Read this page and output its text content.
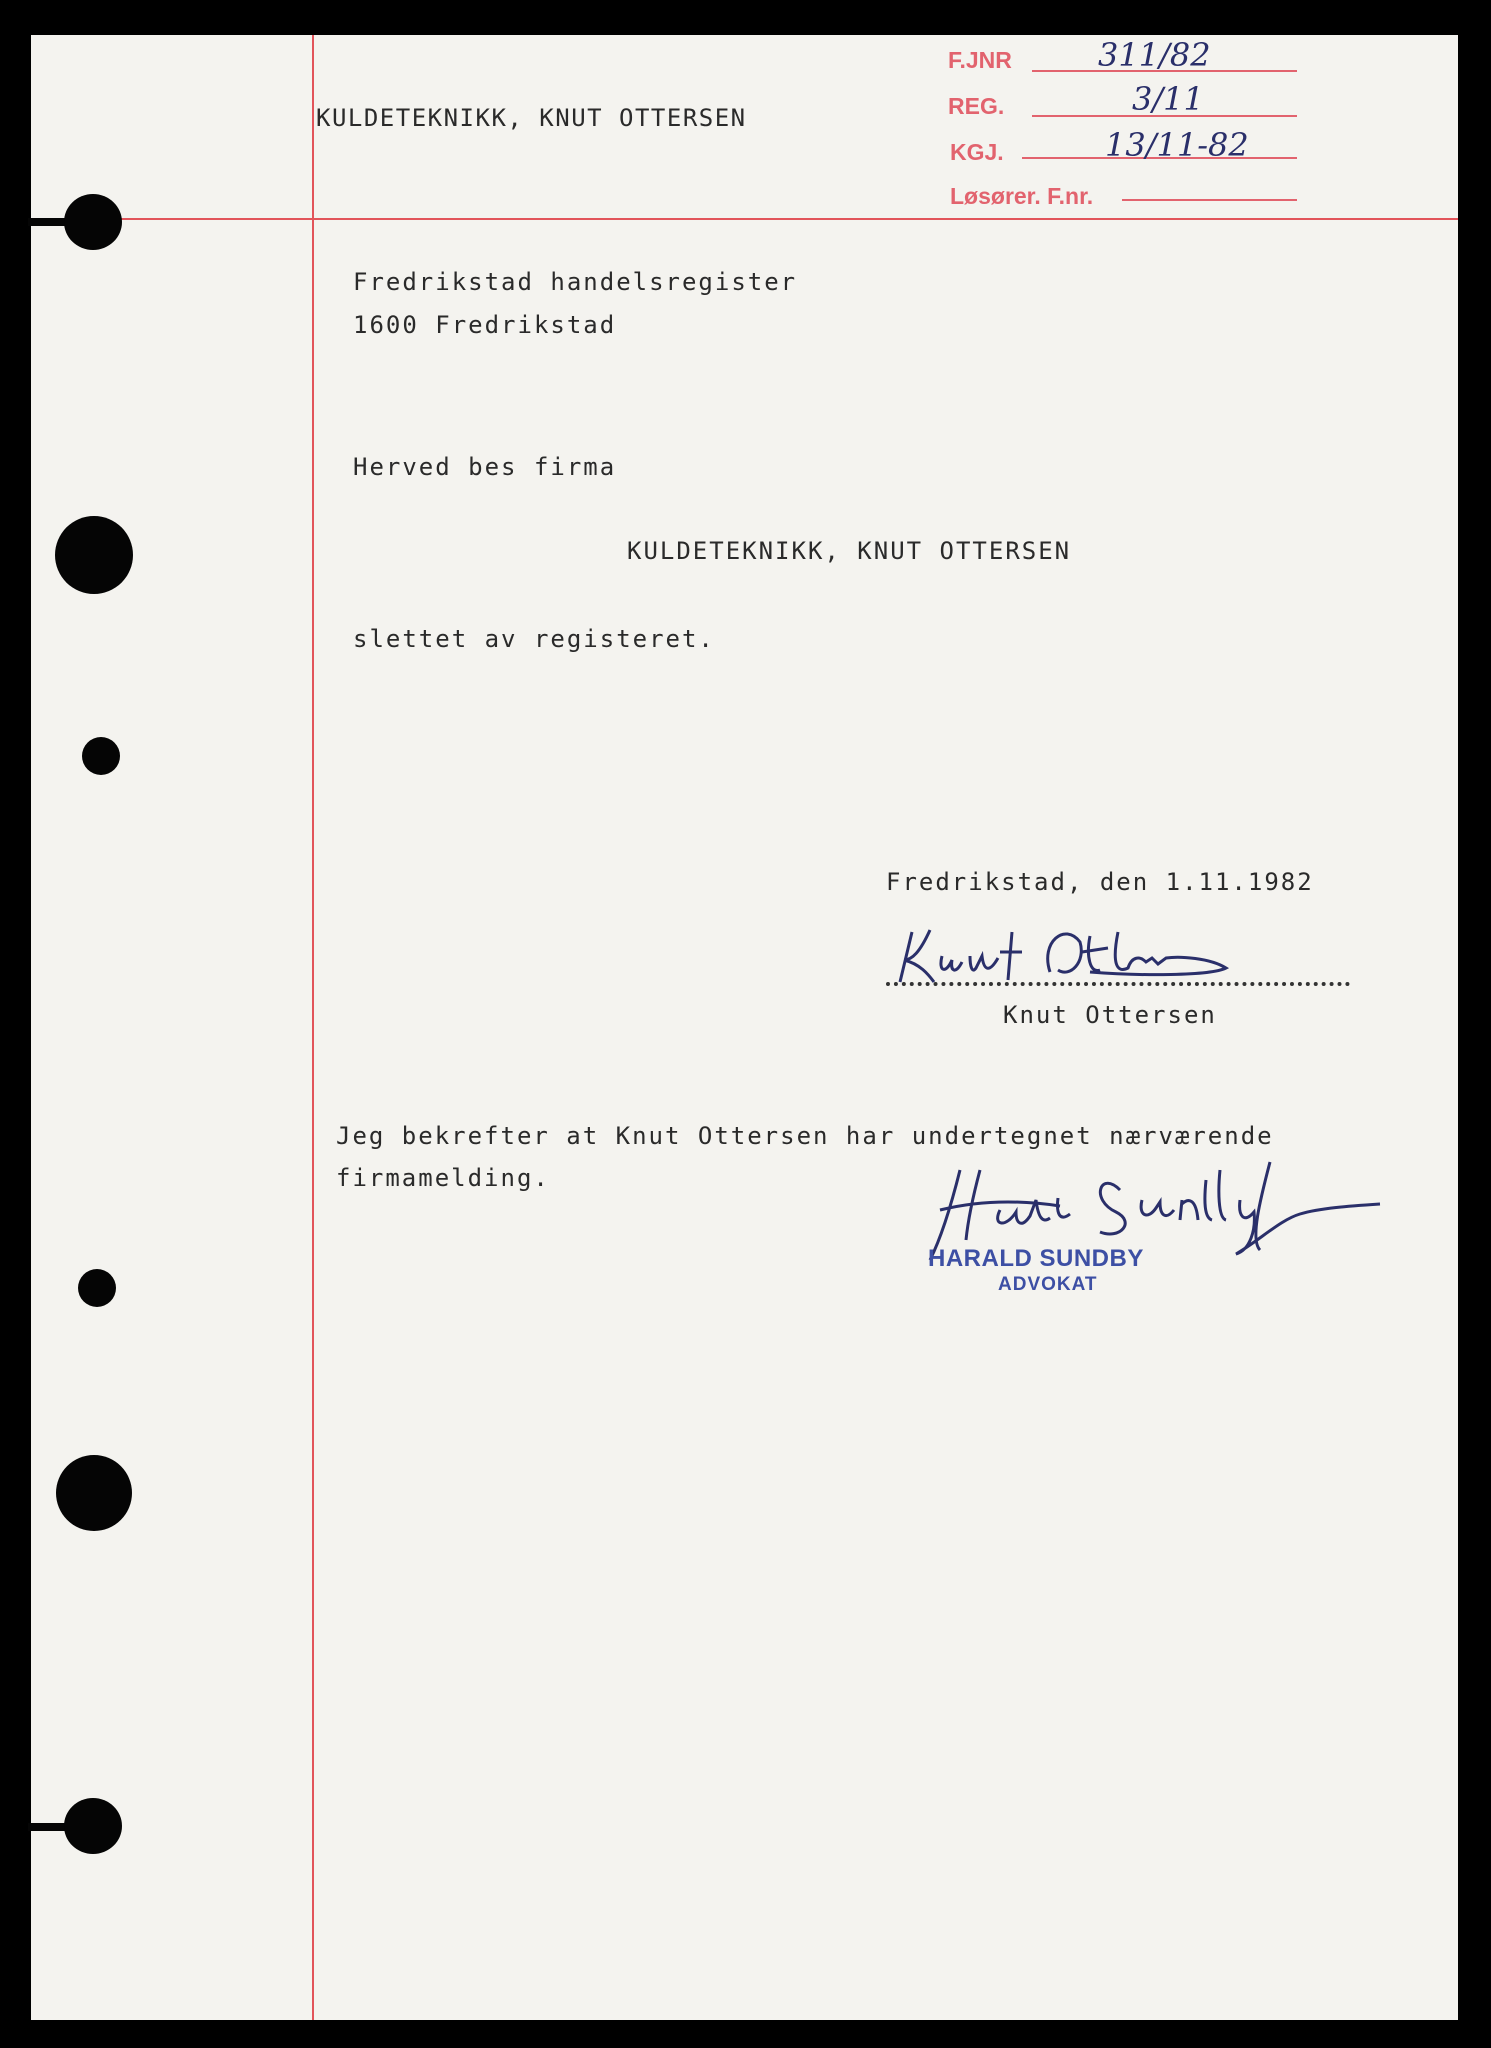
KULDETEKNIKK, KNUT OTTERSEN
F.JNR	311/82
REG.	3/11
KGJ.	13/11-82
Løsører. F.nr.
Fredrikstad handelsregister
1600 Fredrikstad
Herved bes firma
KULDETEKNIKK, KNUT OTTERSEN
slettet av registeret.
Fredrikstad, den 1.11.1982
Knut Ottersen
Jeg bekrefter at Knut Ottersen har undertegnet nærværende
firmamelding.
HARALD SUNDBY
ADVOKAT
